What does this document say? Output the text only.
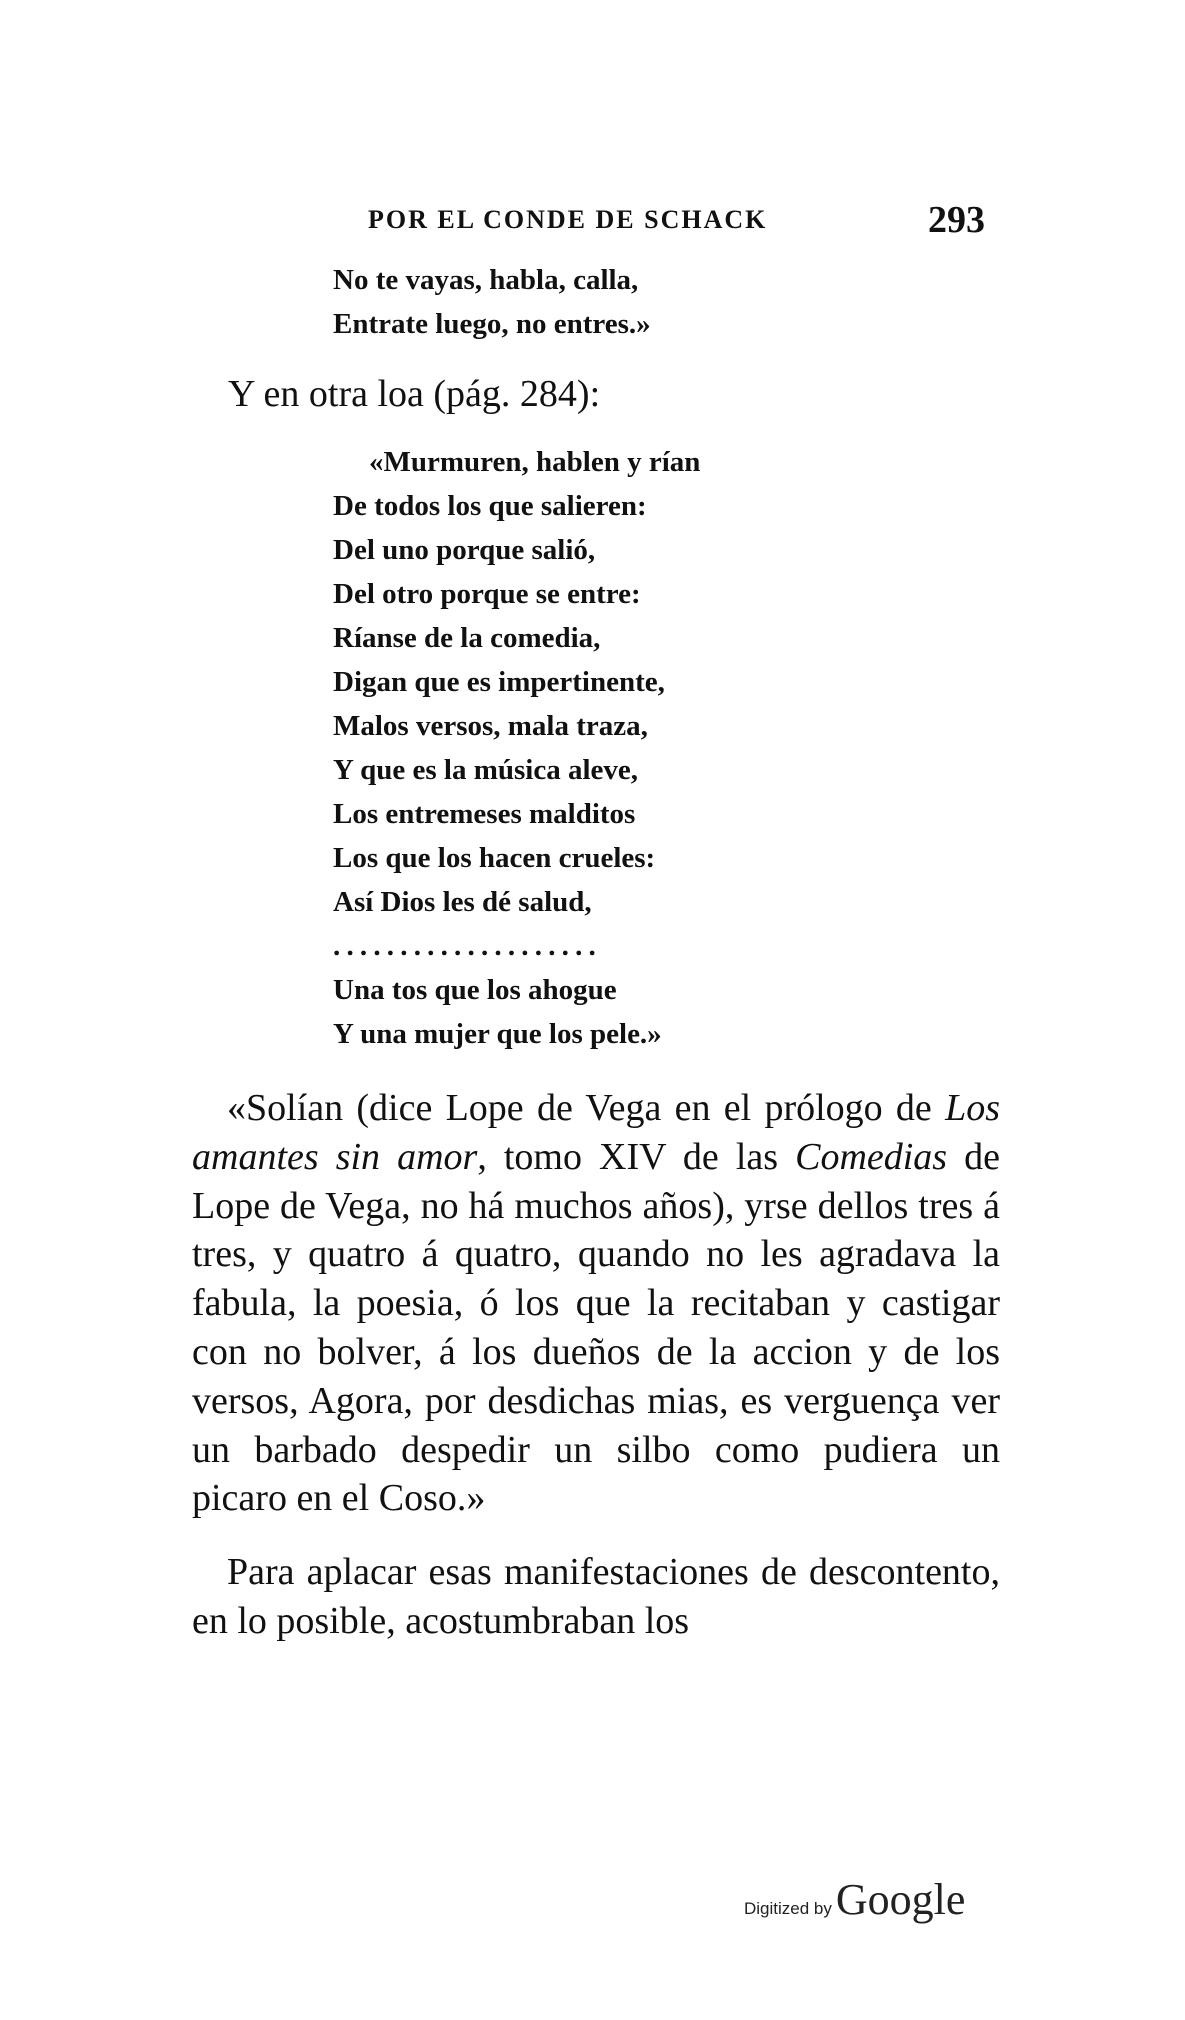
POR EL CONDE DE SCHACK	293
No te vayas, habla, calla,
Entrate luego, no entres.»
Y en otra loa (pág. 284):
«Murmuren, hablen y rían
De todos los que salieren:
Del uno porque salió,
Del otro porque se entre:
Ríanse de la comedia,
Digan que es impertinente,
Malos versos, mala traza,
Y que es la música aleve,
Los entremeses malditos
Los que los hacen crueles:
Así Dios les dé salud,
....................
Una tos que los ahogue
Y una mujer que los pele.»

«Solían (dice Lope de Vega en el prólogo de Los amantes sin amor, tomo XIV de las Comedias de Lope de Vega, no há muchos años), yrse dellos tres á tres, y quatro á quatro, quando no les agradava la fabula, la poesia, ó los que la recitaban y castigar con no bolver, á los dueños de la accion y de los versos, Agora, por desdichas mias, es verguença ver un barbado despedir un silbo como pudiera un picaro en el Coso.»

Para aplacar esas manifestaciones de descontento, en lo posible, acostumbraban los

Digitized by Google
